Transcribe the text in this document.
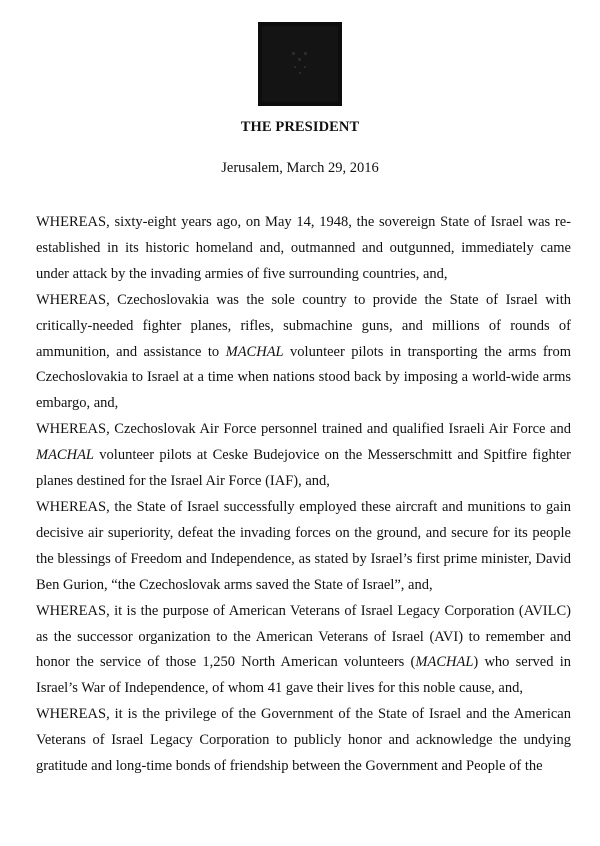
THE PRESIDENT
Jerusalem, March 29, 2016

WHEREAS, sixty-eight years ago, on May 14, 1948, the sovereign State of Israel was re-established in its historic homeland and, outmanned and outgunned, immediately came under attack by the invading armies of five surrounding countries, and,

WHEREAS, Czechoslovakia was the sole country to provide the State of Israel with critically-needed fighter planes, rifles, submachine guns, and millions of rounds of ammunition, and assistance to MACHAL volunteer pilots in transporting the arms from Czechoslovakia to Israel at a time when nations stood back by imposing a world-wide arms embargo, and,

WHEREAS, Czechoslovak Air Force personnel trained and qualified Israeli Air Force and MACHAL volunteer pilots at Ceske Budejovice on the Messerschmitt and Spitfire fighter planes destined for the Israel Air Force (IAF), and,

WHEREAS, the State of Israel successfully employed these aircraft and munitions to gain decisive air superiority, defeat the invading forces on the ground, and secure for its people the blessings of Freedom and Independence, as stated by Israel’s first prime minister, David Ben Gurion, “the Czechoslovak arms saved the State of Israel”, and,

WHEREAS, it is the purpose of American Veterans of Israel Legacy Corporation (AVILC) as the successor organization to the American Veterans of Israel (AVI) to remember and honor the service of those 1,250 North American volunteers (MACHAL) who served in Israel’s War of Independence, of whom 41 gave their lives for this noble cause, and,

WHEREAS, it is the privilege of the Government of the State of Israel and the American Veterans of Israel Legacy Corporation to publicly honor and acknowledge the undying gratitude and long-time bonds of friendship between the Government and People of the
